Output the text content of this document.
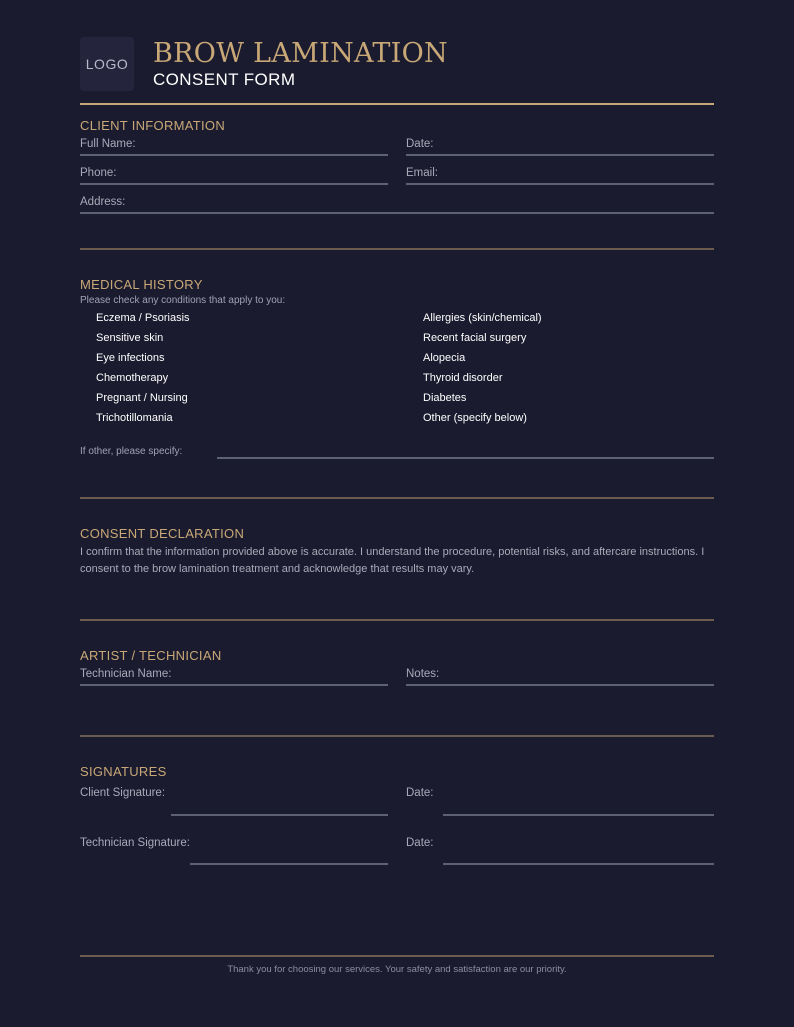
LOGO BROW LAMINATION
CONSENT FORM
CLIENT INFORMATION
Full Name:	Date:
Phone:	Email:
Address:
MEDICAL HISTORY
Please check any conditions that apply to you:
Eczema / Psoriasis
Sensitive skin
Eye infections
Chemotherapy
Pregnant / Nursing
Trichotillomania
Allergies (skin/chemical)
Recent facial surgery
Alopecia
Thyroid disorder
Diabetes
Other (specify below)
If other, please specify:
CONSENT DECLARATION
I confirm that the information provided above is accurate. I understand the procedure, potential risks, and aftercare instructions. I consent to the brow lamination treatment and acknowledge that results may vary.
ARTIST / TECHNICIAN
Technician Name:	Notes:
SIGNATURES
Client Signature:	Date:
Technician Signature:	Date:
Thank you for choosing our services. Your safety and satisfaction are our priority.
